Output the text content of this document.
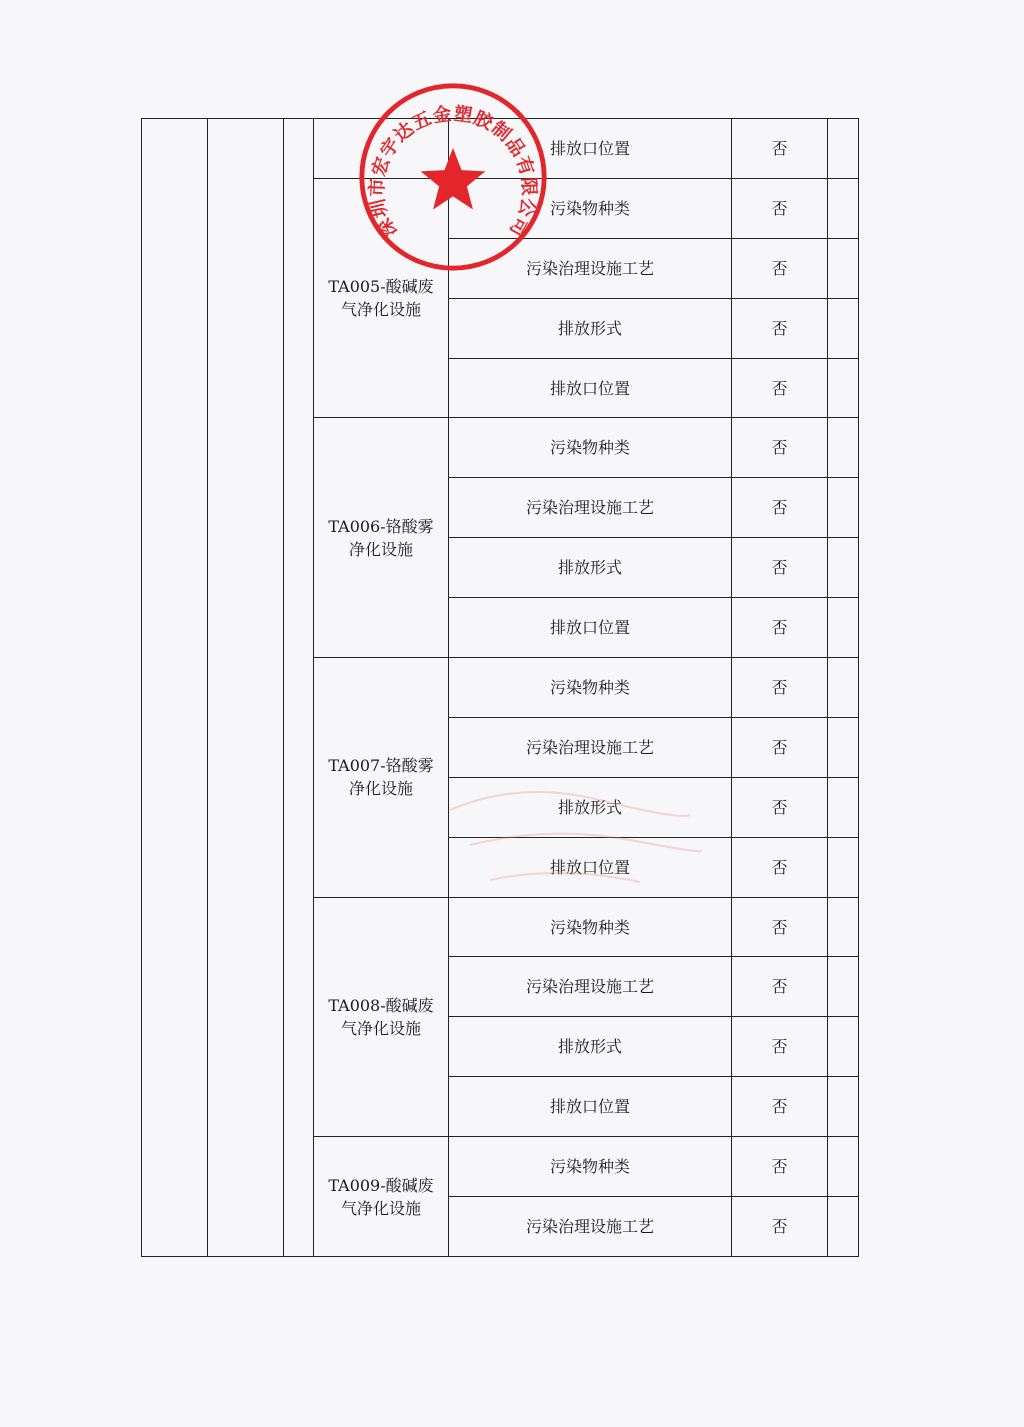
				排放口位置	否	
			TA005-酸碱废气净化设施	污染物种类	否	
				污染治理设施工艺	否	
				排放形式	否	
				排放口位置	否	
			TA006-铬酸雾净化设施	污染物种类	否	
				污染治理设施工艺	否	
				排放形式	否	
				排放口位置	否	
			TA007-铬酸雾净化设施	污染物种类	否	
				污染治理设施工艺	否	
				排放形式	否	
				排放口位置	否	
			TA008-酸碱废气净化设施	污染物种类	否	
				污染治理设施工艺	否	
				排放形式	否	
				排放口位置	否	
			TA009-酸碱废气净化设施	污染物种类	否	
				污染治理设施工艺	否	
深圳市宏宇达五金塑胶制品有限公司
